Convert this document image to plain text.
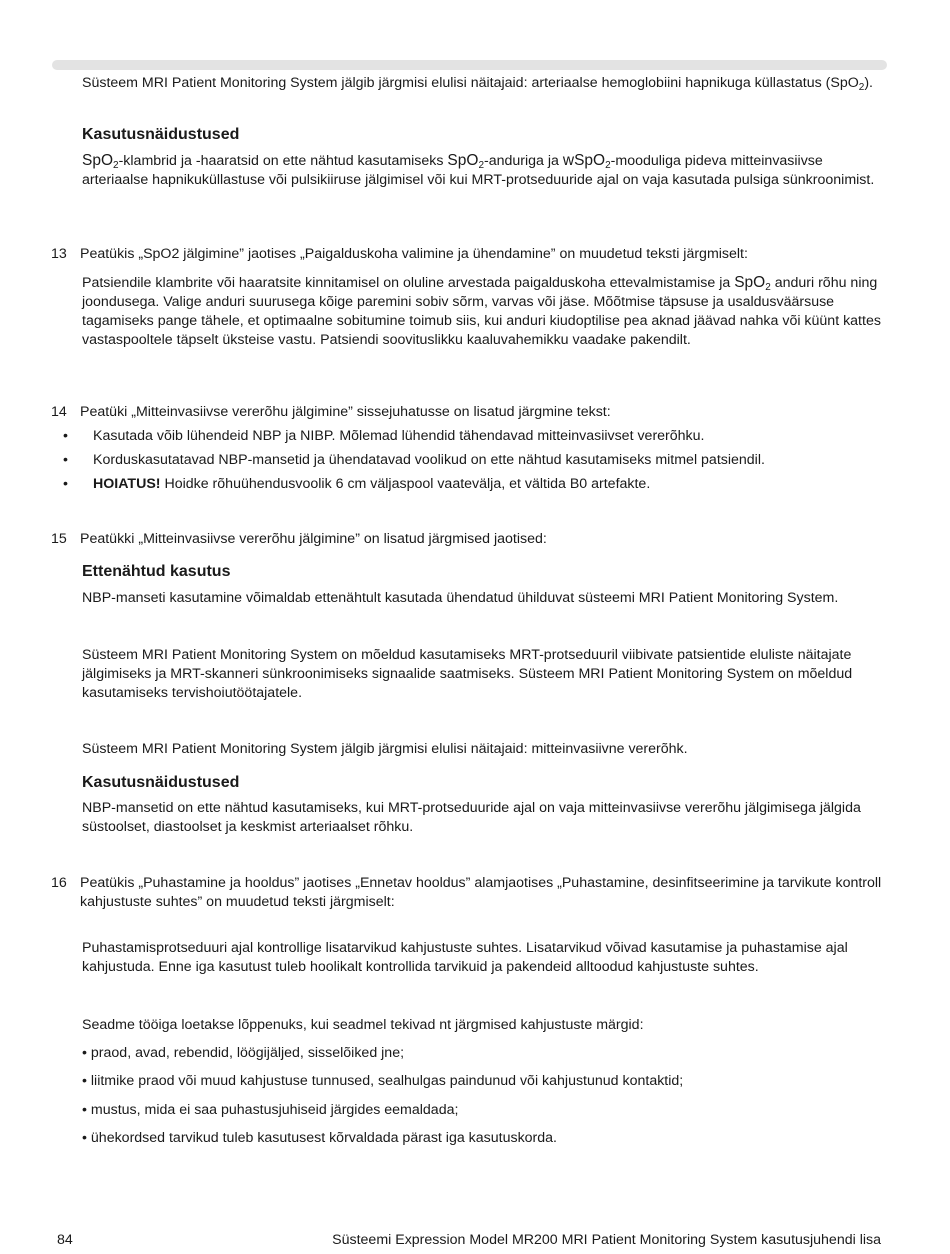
Süsteem MRI Patient Monitoring System jälgib järgmisi elulisi näitajaid: arteriaalse hemoglobiini hapnikuga küllastatus (SpO$_2$).

Kasutusnäidustused

SpO$_2$-klambrid ja -haaratsid on ette nähtud kasutamiseks SpO$_2$-anduriga ja wSpO$_2$-mooduliga pideva mitteinvasiivse arteriaalse hapnikuküllastuse või pulsikiiruse jälgimisel või kui MRT-protseduuride ajal on vaja kasutada pulsiga sünkroonimist.

13 Peatükis „SpO2 jälgimine” jaotises „Paigalduskoha valimine ja ühendamine” on muudetud teksti järgmiselt:

Patsiendile klambrite või haaratsite kinnitamisel on oluline arvestada paigalduskoha ettevalmistamise ja SpO$_2$ anduri rõhu ning joondusega. Valige anduri suurusega kõige paremini sobiv sõrm, varvas või jäse. Mõõtmise täpsuse ja usaldusväärsuse tagamiseks pange tähele, et optimaalne sobitumine toimub siis, kui anduri kiudoptilise pea aknad jäävad nahka või küünt kattes vastaspooltele täpselt üksteise vastu. Patsiendi soovituslikku kaaluvahemikku vaadake pakendilt.

14 Peatüki „Mitteinvasiivse vererõhu jälgimine” sissejuhatusse on lisatud järgmine tekst:

• Kasutada võib lühendeid NBP ja NIBP. Mõlemad lühendid tähendavad mitteinvasiivset vererõhku.
• Korduskasutatavad NBP-mansetid ja ühendatavad voolikud on ette nähtud kasutamiseks mitmel patsiendil.
• HOIATUS! Hoidke rõhuühendusvoolik 6 cm väljaspool vaatevälja, et vältida B0 artefakte.
15 Peatükki „Mitteinvasiivse vererõhu jälgimine” on lisatud järgmised jaotised:

Ettenähtud kasutus

NBP-manseti kasutamine võimaldab ettenähtult kasutada ühendatud ühilduvat süsteemi MRI Patient Monitoring System.

Süsteem MRI Patient Monitoring System on mõeldud kasutamiseks MRT-protseduuril viibivate patsientide eluliste näitajate jälgimiseks ja MRT-skanneri sünkroonimiseks signaalide saatmiseks. Süsteem MRI Patient Monitoring System on mõeldud kasutamiseks tervishoiutöötajatele.

Süsteem MRI Patient Monitoring System jälgib järgmisi elulisi näitajaid: mitteinvasiivne vererõhk.

Kasutusnäidustused

NBP-mansetid on ette nähtud kasutamiseks, kui MRT-protseduuride ajal on vaja mitteinvasiivse vererõhu jälgimisega jälgida süstoolset, diastoolset ja keskmist arteriaalset rõhku.

16 Peatükis „Puhastamine ja hooldus” jaotises „Ennetav hooldus” alamjaotises „Puhastamine, desinfitseerimine ja tarvikute kontroll kahjustuste suhtes” on muudetud teksti järgmiselt:

Puhastamisprotseduuri ajal kontrollige lisatarvikud kahjustuste suhtes. Lisatarvikud võivad kasutamise ja puhastamise ajal kahjustuda. Enne iga kasutust tuleb hoolikalt kontrollida tarvikuid ja pakendeid alltoodud kahjustuste suhtes.

Seadme tööiga loetakse lõppenuks, kui seadmel tekivad nt järgmised kahjustuste märgid:

• praod, avad, rebendid, löögijäljed, sisselõiked jne;

• liitmike praod või muud kahjustuse tunnused, sealhulgas paindunud või kahjustunud kontaktid;

• mustus, mida ei saa puhastusjuhiseid järgides eemaldada;

• ühekordsed tarvikud tuleb kasutusest kõrvaldada pärast iga kasutuskorda.

84	Süsteemi Expression Model MR200 MRI Patient Monitoring System kasutusjuhendi lisa
